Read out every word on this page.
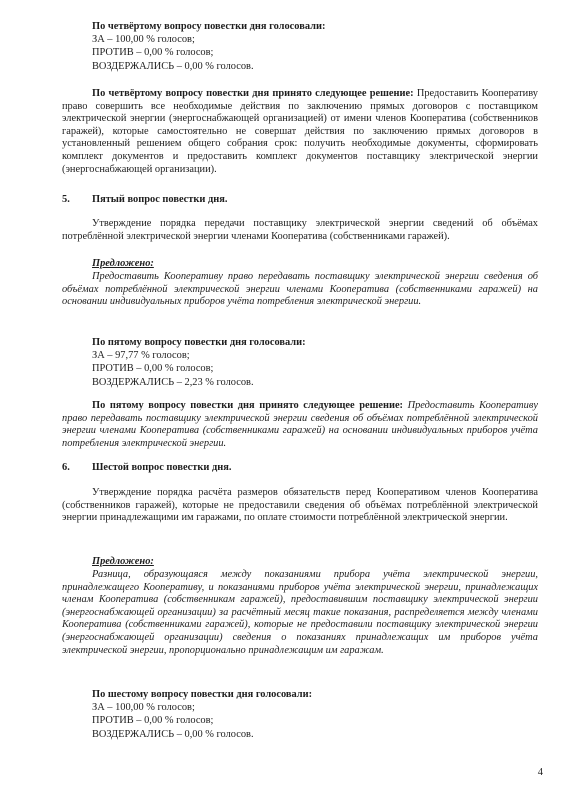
По четвёртому вопросу повестки дня голосовали:
ЗА – 100,00 % голосов;
ПРОТИВ – 0,00 % голосов;
ВОЗДЕРЖАЛИСЬ – 0,00 % голосов.
По четвёртому вопросу повестки дня принято следующее решение: Предоставить Кооперативу право совершить все необходимые действия по заключению прямых договоров с поставщиком электрической энергии (энергоснабжающей организацией) от имени членов Кооператива (собственников гаражей), которые самостоятельно не совершат действия по заключению прямых договоров в установленный решением общего собрания срок: получить необходимые документы, сформировать комплект документов и предоставить комплект документов поставщику электрической энергии (энергоснабжающей организации).
5. Пятый вопрос повестки дня.
Утверждение порядка передачи поставщику электрической энергии сведений об объёмах потреблённой электрической энергии членами Кооператива (собственниками гаражей).
Предложено:
Предоставить Кооперативу право передавать поставщику электрической энергии сведения об объёмах потреблённой электрической энергии членами Кооператива (собственниками гаражей) на основании индивидуальных приборов учёта потребления электрической энергии.
По пятому вопросу повестки дня голосовали:
ЗА – 97,77 % голосов;
ПРОТИВ – 0,00 % голосов;
ВОЗДЕРЖАЛИСЬ – 2,23 % голосов.
По пятому вопросу повестки дня принято следующее решение: Предоставить Кооперативу право передавать поставщику электрической энергии сведения об объёмах потреблённой электрической энергии членами Кооператива (собственниками гаражей) на основании индивидуальных приборов учёта потребления электрической энергии.
6. Шестой вопрос повестки дня.
Утверждение порядка расчёта размеров обязательств перед Кооперативом членов Кооператива (собственников гаражей), которые не предоставили сведения об объёмах потреблённой электрической энергии принадлежащими им гаражами, по оплате стоимости потреблённой электрической энергии.
Предложено:
Разница, образующаяся между показаниями прибора учёта электрической энергии, принадлежащего Кооперативу, и показаниями приборов учёта электрической энергии, принадлежащих членам Кооператива (собственникам гаражей), предоставившим поставщику электрической энергии (энергоснабжающей организации) за расчётный месяц такие показания, распределяется между членами Кооператива (собственниками гаражей), которые не предоставили поставщику электрической энергии (энергоснабжающей организации) сведения о показаниях принадлежащих им приборов учёта электрической энергии, пропорционально принадлежащим им гаражам.
По шестому вопросу повестки дня голосовали:
ЗА – 100,00 % голосов;
ПРОТИВ – 0,00 % голосов;
ВОЗДЕРЖАЛИСЬ – 0,00 % голосов.
4
